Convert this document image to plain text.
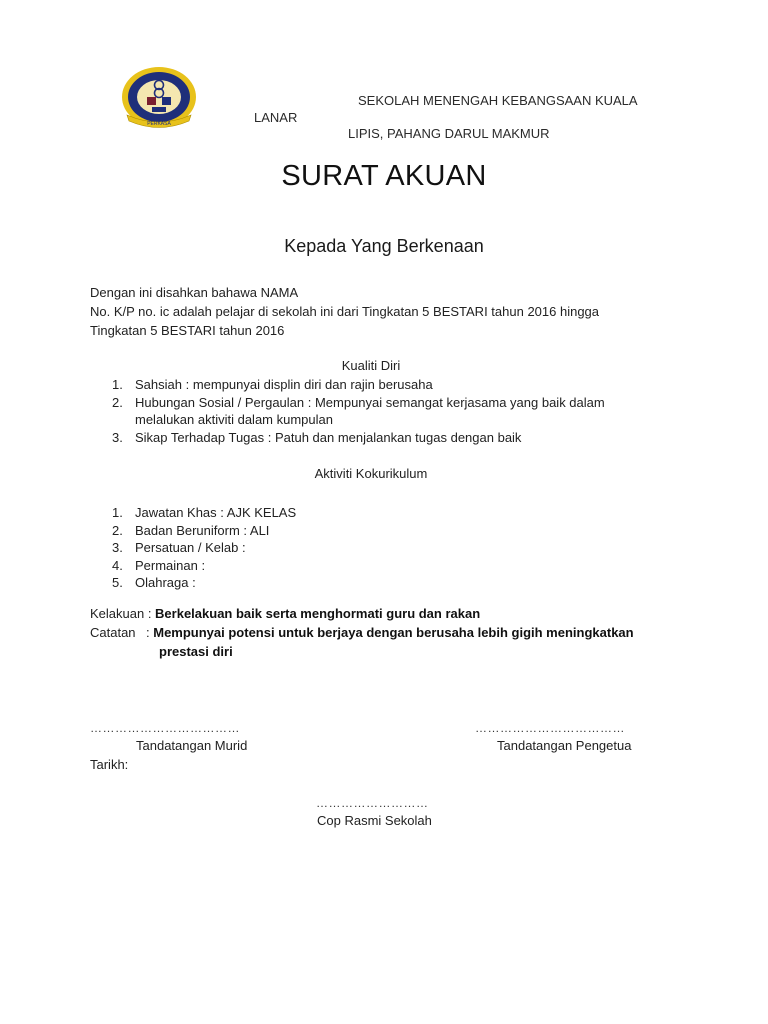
PERKASA
SEKOLAH MENENGAH KEBANGSAAN KUALA
LANAR
LIPIS, PAHANG DARUL MAKMUR
SURAT AKUAN
Kepada Yang Berkenaan
Dengan ini disahkan bahawa NAMA
No. K/P no. ic adalah pelajar di sekolah ini dari Tingkatan 5 BESTARI tahun 2016 hingga
Tingkatan 5 BESTARI tahun 2016
Kualiti Diri
1. Sahsiah : mempunyai displin diri dan rajin berusaha
2. Hubungan Sosial / Pergaulan : Mempunyai semangat kerjasama yang baik dalam
melalukan aktiviti dalam kumpulan
3. Sikap Terhadap Tugas : Patuh dan menjalankan tugas dengan baik
Aktiviti Kokurikulum
1. Jawatan Khas : AJK KELAS
2. Badan Beruniform : ALI
3. Persatuan / Kelab :
4. Permainan :
5. Olahraga :
Kelakuan : Berkelakuan baik serta menghormati guru dan rakan
Catatan : Mempunyai potensi untuk berjaya dengan berusaha lebih gigih meningkatkan
prestasi diri
………………………………	………………………………
Tandatangan Murid	Tandatangan Pengetua
Tarikh:
………………………
Cop Rasmi Sekolah
